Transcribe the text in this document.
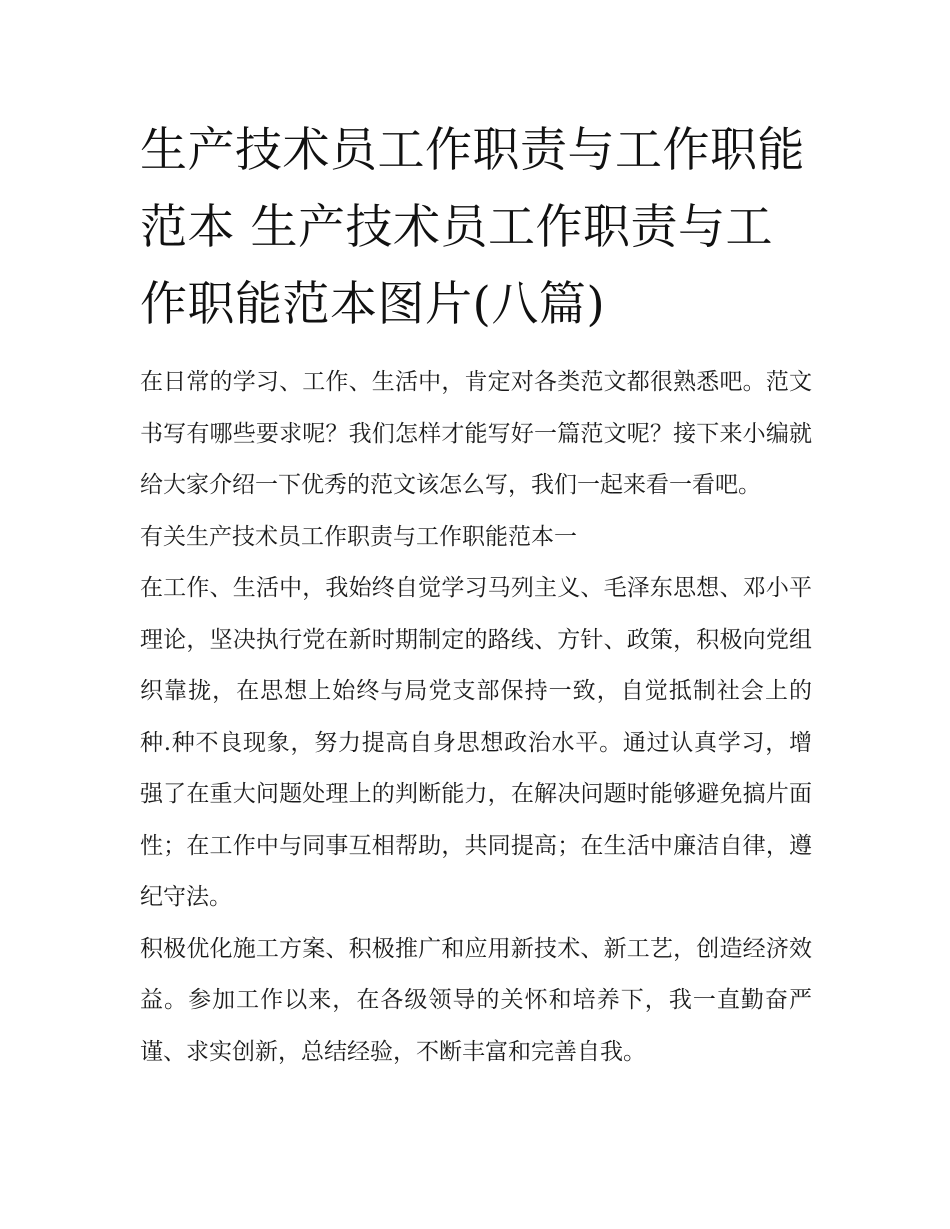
生产技术员工作职责与工作职能范本 生产技术员工作职责与工作职能范本图片(八篇)

在日常的学习、工作、生活中，肯定对各类范文都很熟悉吧。范文书写有哪些要求呢？我们怎样才能写好一篇范文呢？接下来小编就给大家介绍一下优秀的范文该怎么写，我们一起来看一看吧。

有关生产技术员工作职责与工作职能范本一

在工作、生活中，我始终自觉学习马列主义、毛泽东思想、邓小平理论，坚决执行党在新时期制定的路线、方针、政策，积极向党组织靠拢，在思想上始终与局党支部保持一致，自觉抵制社会上的种.种不良现象，努力提高自身思想政治水平。通过认真学习，增强了在重大问题处理上的判断能力，在解决问题时能够避免搞片面性；在工作中与同事互相帮助，共同提高；在生活中廉洁自律，遵纪守法。

积极优化施工方案、积极推广和应用新技术、新工艺，创造经济效益。参加工作以来，在各级领导的关怀和培养下，我一直勤奋严谨、求实创新，总结经验，不断丰富和完善自我。
